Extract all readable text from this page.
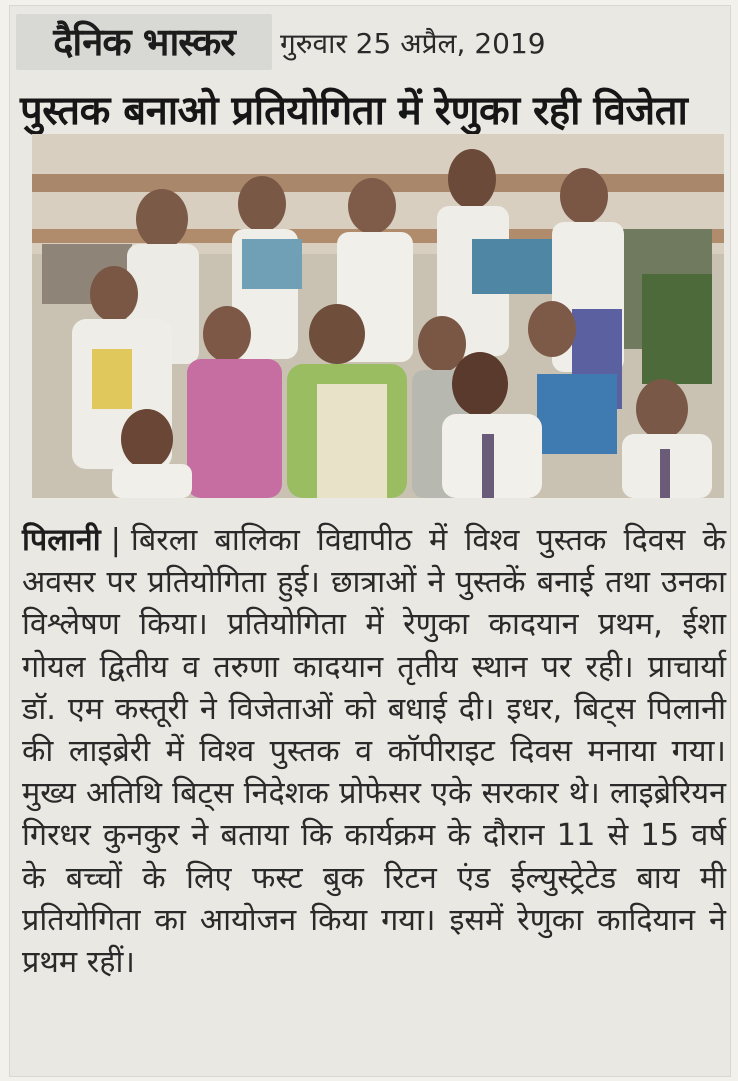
दैनिक भास्कर	गुरुवार 25 अप्रैल, 2019
पुस्तक बनाओ प्रतियोगिता में रेणुका रही विजेता
पिलानी | बिरला बालिका विद्यापीठ में विश्व पुस्तक दिवस के अवसर पर प्रतियोगिता हुई। छात्राओं ने पुस्तकें बनाई तथा उनका विश्लेषण किया। प्रतियोगिता में रेणुका कादयान प्रथम, ईशा गोयल द्वितीय व तरुणा कादयान तृतीय स्थान पर रही। प्राचार्या डॉ. एम कस्तूरी ने विजेताओं को बधाई दी। इधर, बिट्स पिलानी की लाइब्रेरी में विश्व पुस्तक व कॉपीराइट दिवस मनाया गया। मुख्य अतिथि बिट्स निदेशक प्रोफेसर एके सरकार थे। लाइब्रेरियन गिरधर कुनकुर ने बताया कि कार्यक्रम के दौरान 11 से 15 वर्ष के बच्चों के लिए फस्ट बुक रिटन एंड ईल्युस्ट्रेटेड बाय मी प्रतियोगिता का आयोजन किया गया। इसमें रेणुका कादियान ने प्रथम रहीं।
